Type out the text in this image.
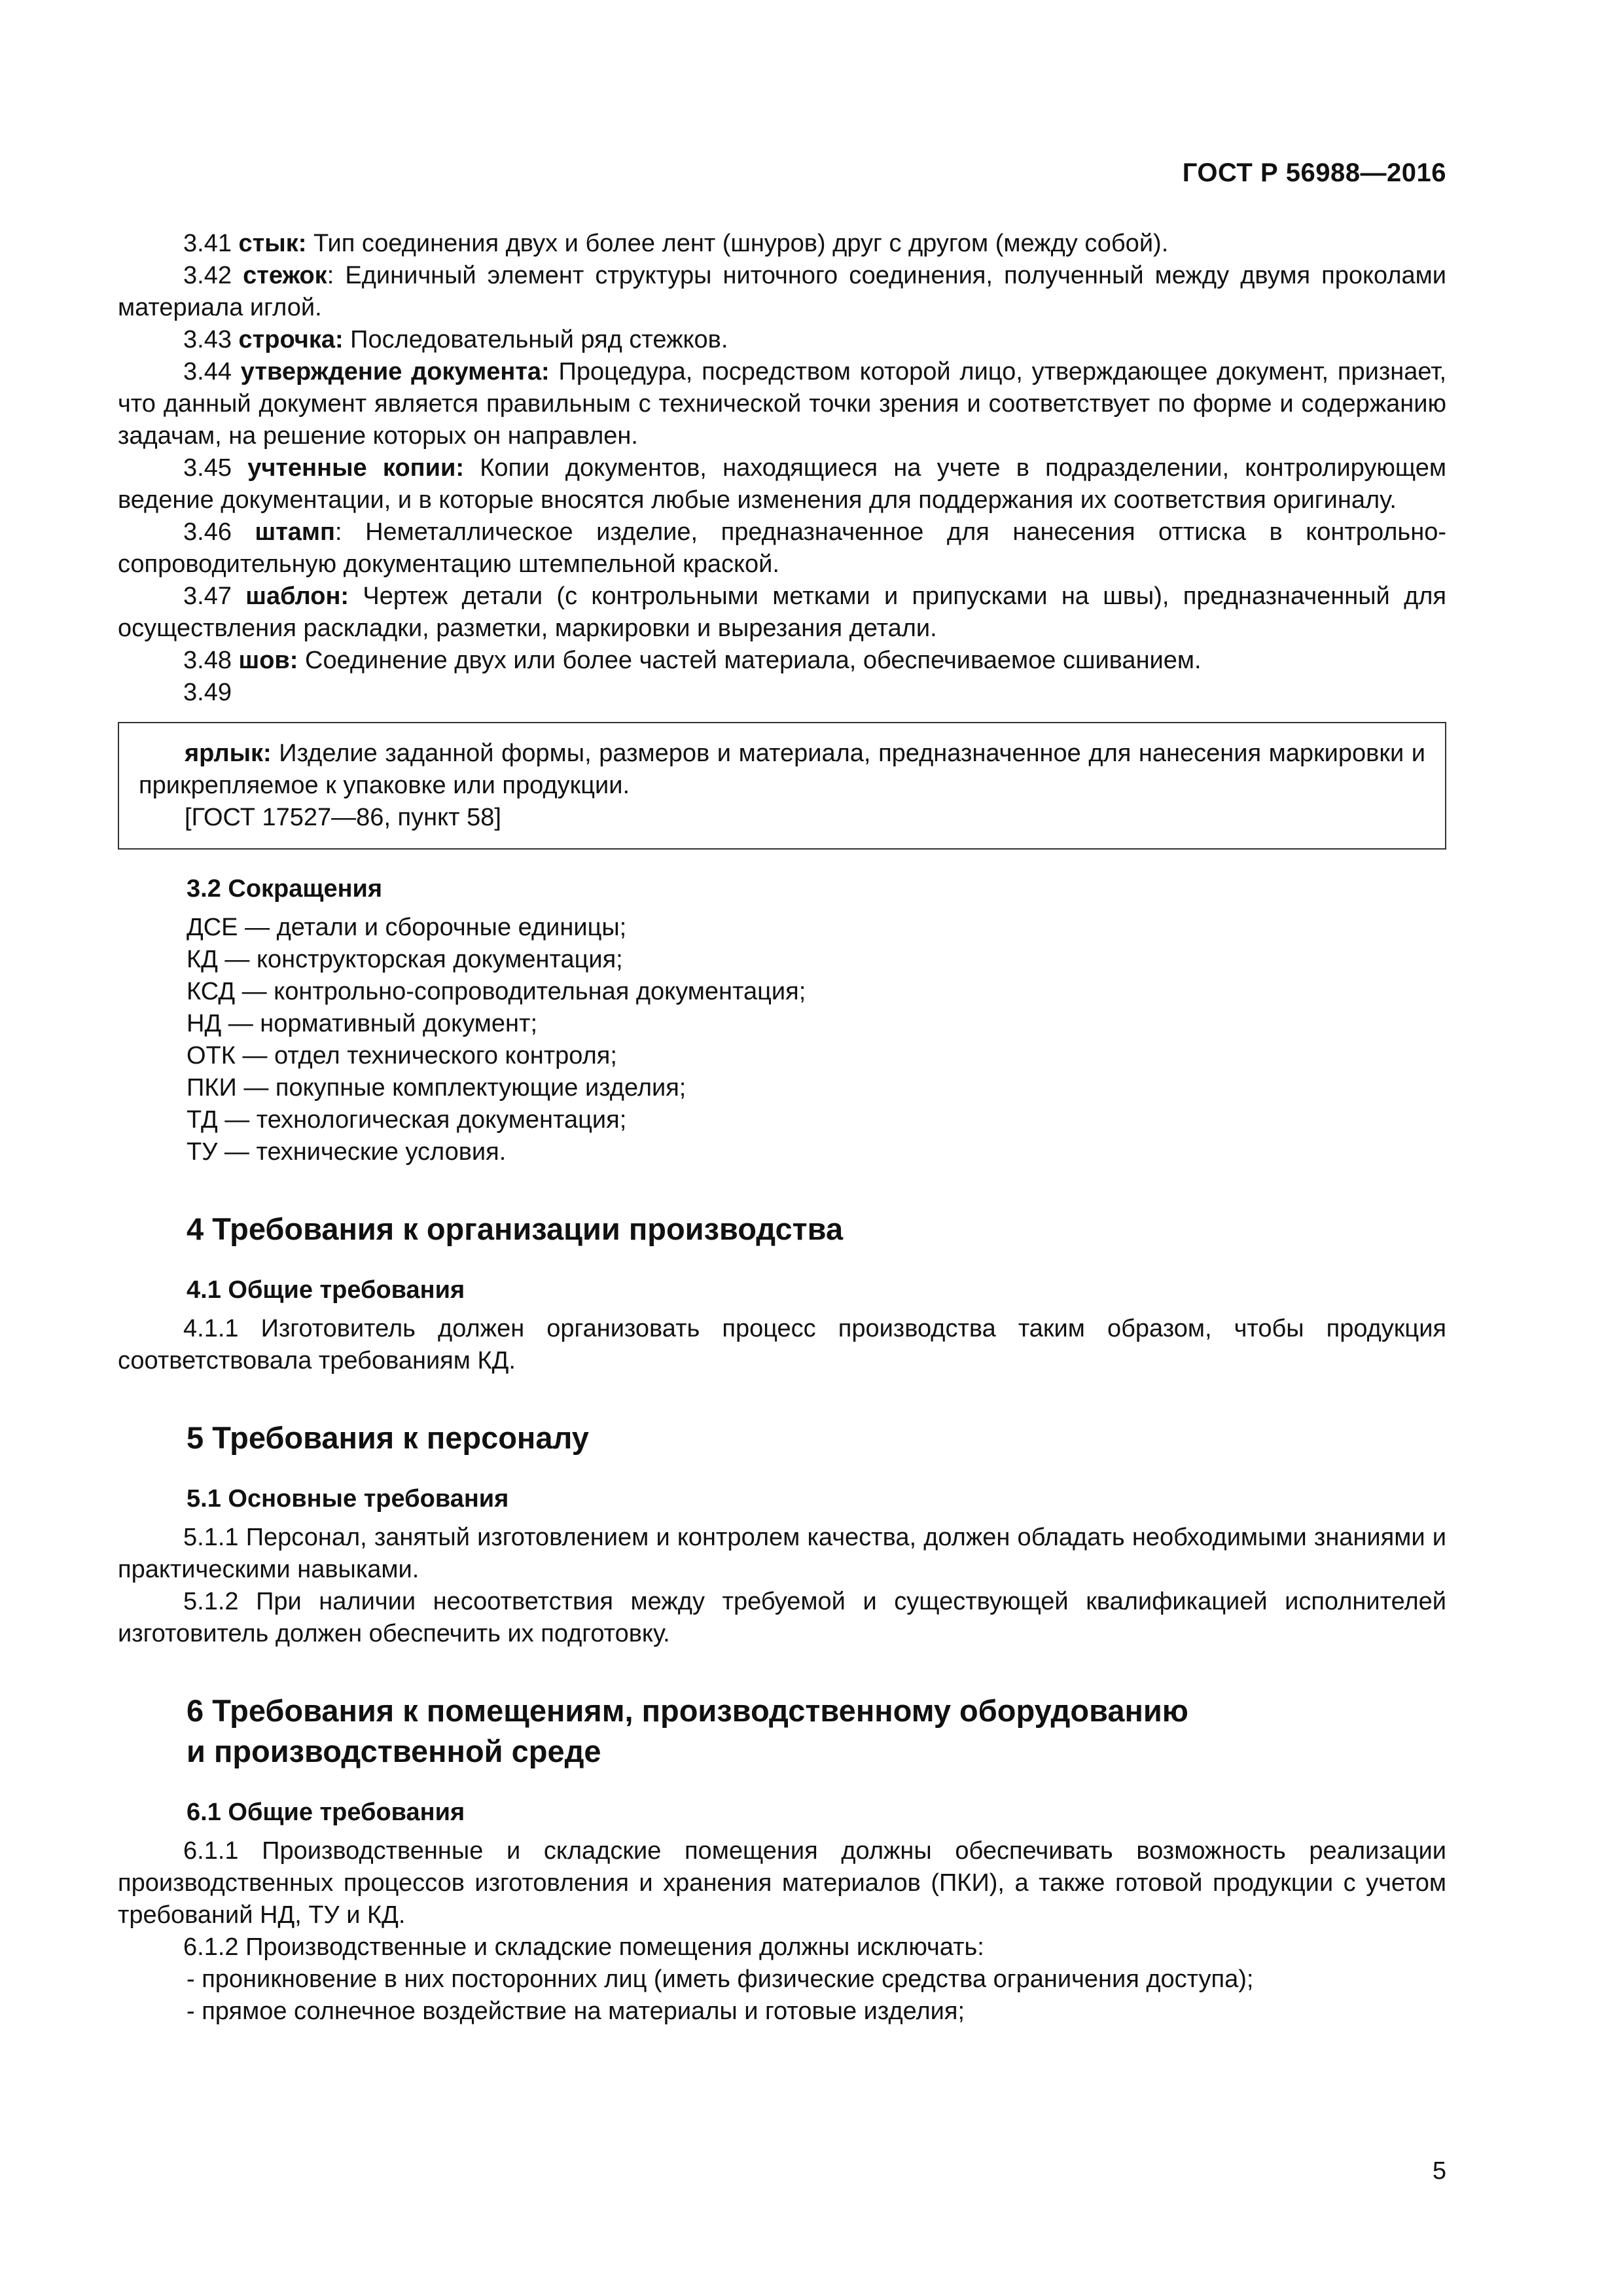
ГОСТ Р 56988—2016

3.41 стык: Тип соединения двух и более лент (шнуров) друг с другом (между собой).

3.42 стежок: Единичный элемент структуры ниточного соединения, полученный между двумя проколами материала иглой.

3.43 строчка: Последовательный ряд стежков.

3.44 утверждение документа: Процедура, посредством которой лицо, утверждающее документ, признает, что данный документ является правильным с технической точки зрения и соответствует по форме и содержанию задачам, на решение которых он направлен.

3.45 учтенные копии: Копии документов, находящиеся на учете в подразделении, контролирующем ведение документации, и в которые вносятся любые изменения для поддержания их соответствия оригиналу.

3.46 штамп: Неметаллическое изделие, предназначенное для нанесения оттиска в контрольно-сопроводительную документацию штемпельной краской.

3.47 шаблон: Чертеж детали (с контрольными метками и припусками на швы), предназначенный для осуществления раскладки, разметки, маркировки и вырезания детали.

3.48 шов: Соединение двух или более частей материала, обеспечиваемое сшиванием.

3.49

ярлык: Изделие заданной формы, размеров и материала, предназначенное для нанесения маркировки и прикрепляемое к упаковке или продукции.

[ГОСТ 17527—86, пункт 58]

3.2 Сокращения

ДСЕ — детали и сборочные единицы;

КД — конструкторская документация;

КСД — контрольно-сопроводительная документация;

НД — нормативный документ;

ОТК — отдел технического контроля;

ПКИ — покупные комплектующие изделия;

ТД — технологическая документация;

ТУ — технические условия.

4 Требования к организации производства
4.1 Общие требования

4.1.1 Изготовитель должен организовать процесс производства таким образом, чтобы продукция соответствовала требованиям КД.

5 Требования к персоналу
5.1 Основные требования

5.1.1 Персонал, занятый изготовлением и контролем качества, должен обладать необходимыми знаниями и практическими навыками.

5.1.2 При наличии несоответствия между требуемой и существующей квалификацией исполнителей изготовитель должен обеспечить их подготовку.

6 Требования к помещениям, производственному оборудованию
и производственной среде
6.1 Общие требования

6.1.1 Производственные и складские помещения должны обеспечивать возможность реализации производственных процессов изготовления и хранения материалов (ПКИ), а также готовой продукции с учетом требований НД, ТУ и КД.

6.1.2 Производственные и складские помещения должны исключать:

- проникновение в них посторонних лиц (иметь физические средства ограничения доступа);

- прямое солнечное воздействие на материалы и готовые изделия;

5
